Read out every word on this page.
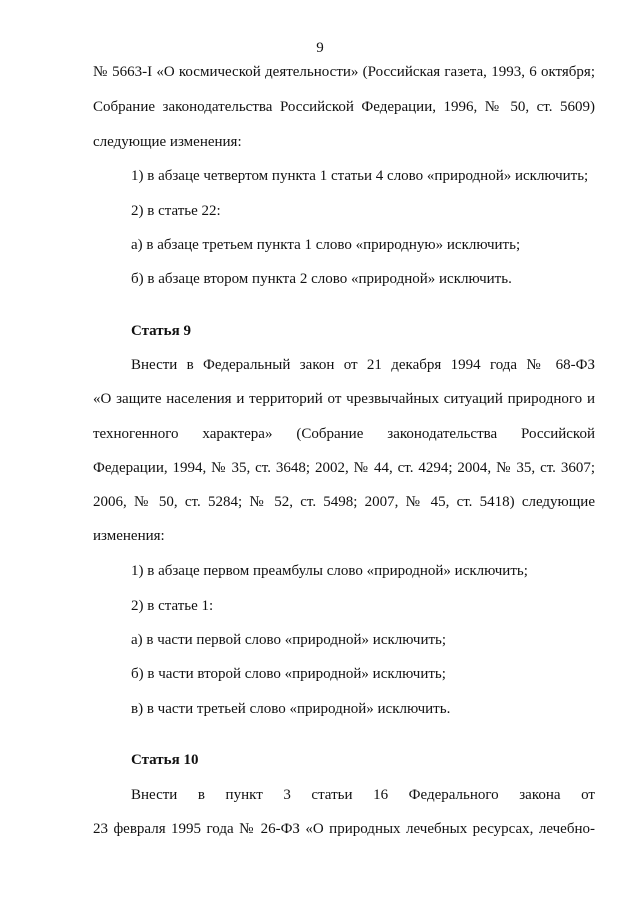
9
№ 5663-I «О космической деятельности» (Российская газета, 1993, 6 октября;
Собрание законодательства Российской Федерации, 1996, № 50, ст. 5609)
следующие изменения:
1) в абзаце четвертом пункта 1 статьи 4 слово «природной» исключить;
2) в статье 22:
а) в абзаце третьем пункта 1 слово «природную» исключить;
б) в абзаце втором пункта 2 слово «природной» исключить.
Статья 9
Внести в Федеральный закон от 21 декабря 1994 года № 68-ФЗ
«О защите населения и территорий от чрезвычайных ситуаций природного и
техногенного характера» (Собрание законодательства Российской
Федерации, 1994, № 35, ст. 3648; 2002, № 44, ст. 4294; 2004, № 35, ст. 3607;
2006, № 50, ст. 5284; № 52, ст. 5498; 2007, № 45, ст. 5418) следующие
изменения:
1) в абзаце первом преамбулы слово «природной» исключить;
2) в статье 1:
а) в части первой слово «природной» исключить;
б) в части второй слово «природной» исключить;
в) в части третьей слово «природной» исключить.
Статья 10
Внести в пункт 3 статьи 16 Федерального закона от
23 февраля 1995 года № 26-ФЗ «О природных лечебных ресурсах, лечебно-
